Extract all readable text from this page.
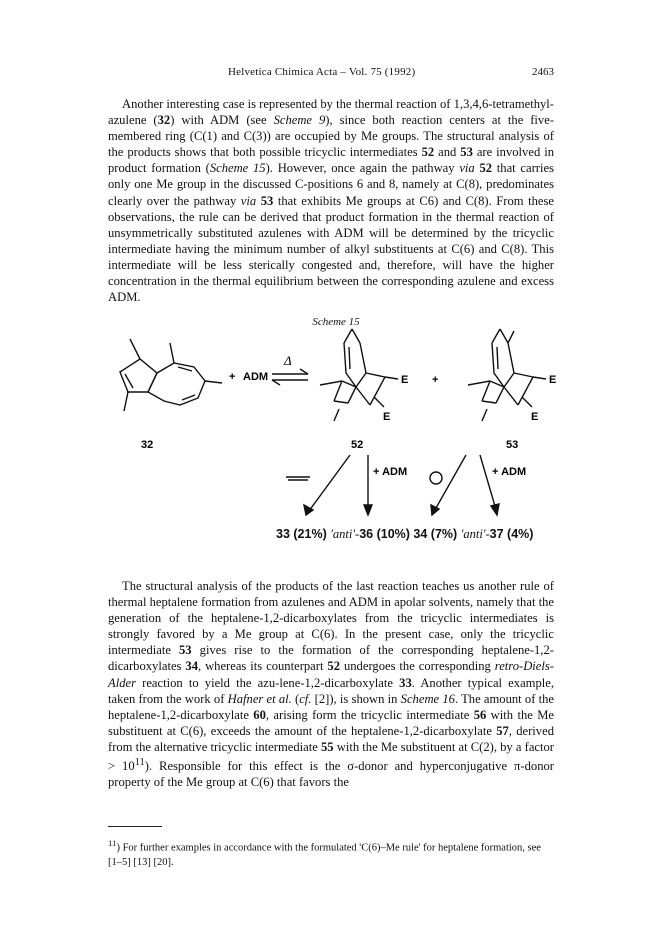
Helvetica Chimica Acta – Vol. 75 (1992)	2463

Another interesting case is represented by the thermal reaction of 1,3,4,6-tetramethyl-azulene (32) with ADM (see Scheme 9), since both reaction centers at the five-membered ring (C(1) and C(3)) are occupied by Me groups. The structural analysis of the products shows that both possible tricyclic intermediates 52 and 53 are involved in product formation (Scheme 15). However, once again the pathway via 52 that carries only one Me group in the discussed C-positions 6 and 8, namely at C(8), predominates clearly over the pathway via 53 that exhibits Me groups at C6) and C(8). From these observations, the rule can be derived that product formation in the thermal reaction of unsymmetrically substituted azulenes with ADM will be determined by the tricyclic intermediate having the minimum number of alkyl substituents at C(6) and C(8). This intermediate will be less sterically congested and, therefore, will have the higher concentration in the thermal equilibrium between the corresponding azulene and excess ADM.

Scheme 15
+ ADM
Δ
E
E
+	E
E
32	52	53
+ ADM	+ ADM
33 (21%) 'anti'-36 (10%) 34 (7%) 'anti'-37 (4%)

The structural analysis of the products of the last reaction teaches us another rule of thermal heptalene formation from azulenes and ADM in apolar solvents, namely that the generation of the heptalene-1,2-dicarboxylates from the tricyclic intermediates is strongly favored by a Me group at C(6). In the present case, only the tricyclic intermediate 53 gives rise to the formation of the corresponding heptalene-1,2-dicarboxylates 34, whereas its counterpart 52 undergoes the corresponding retro-Diels-Alder reaction to yield the azu-lene-1,2-dicarboxylate 33. Another typical example, taken from the work of Hafner et al. (cf. [2]), is shown in Scheme 16. The amount of the heptalene-1,2-dicarboxylate 60, arising form the tricyclic intermediate 56 with the Me substituent at C(6), exceeds the amount of the heptalene-1,2-dicarboxylate 57, derived from the alternative tricyclic intermediate 55 with the Me substituent at C(2), by a factor > $10^{11}$). Responsible for this effect is the σ-donor and hyperconjugative π-donor property of the Me group at C(6) that favors the

$^{11}$) For further examples in accordance with the formulated 'C(6)–Me rule' for heptalene formation, see [1–5] [13] [20].
